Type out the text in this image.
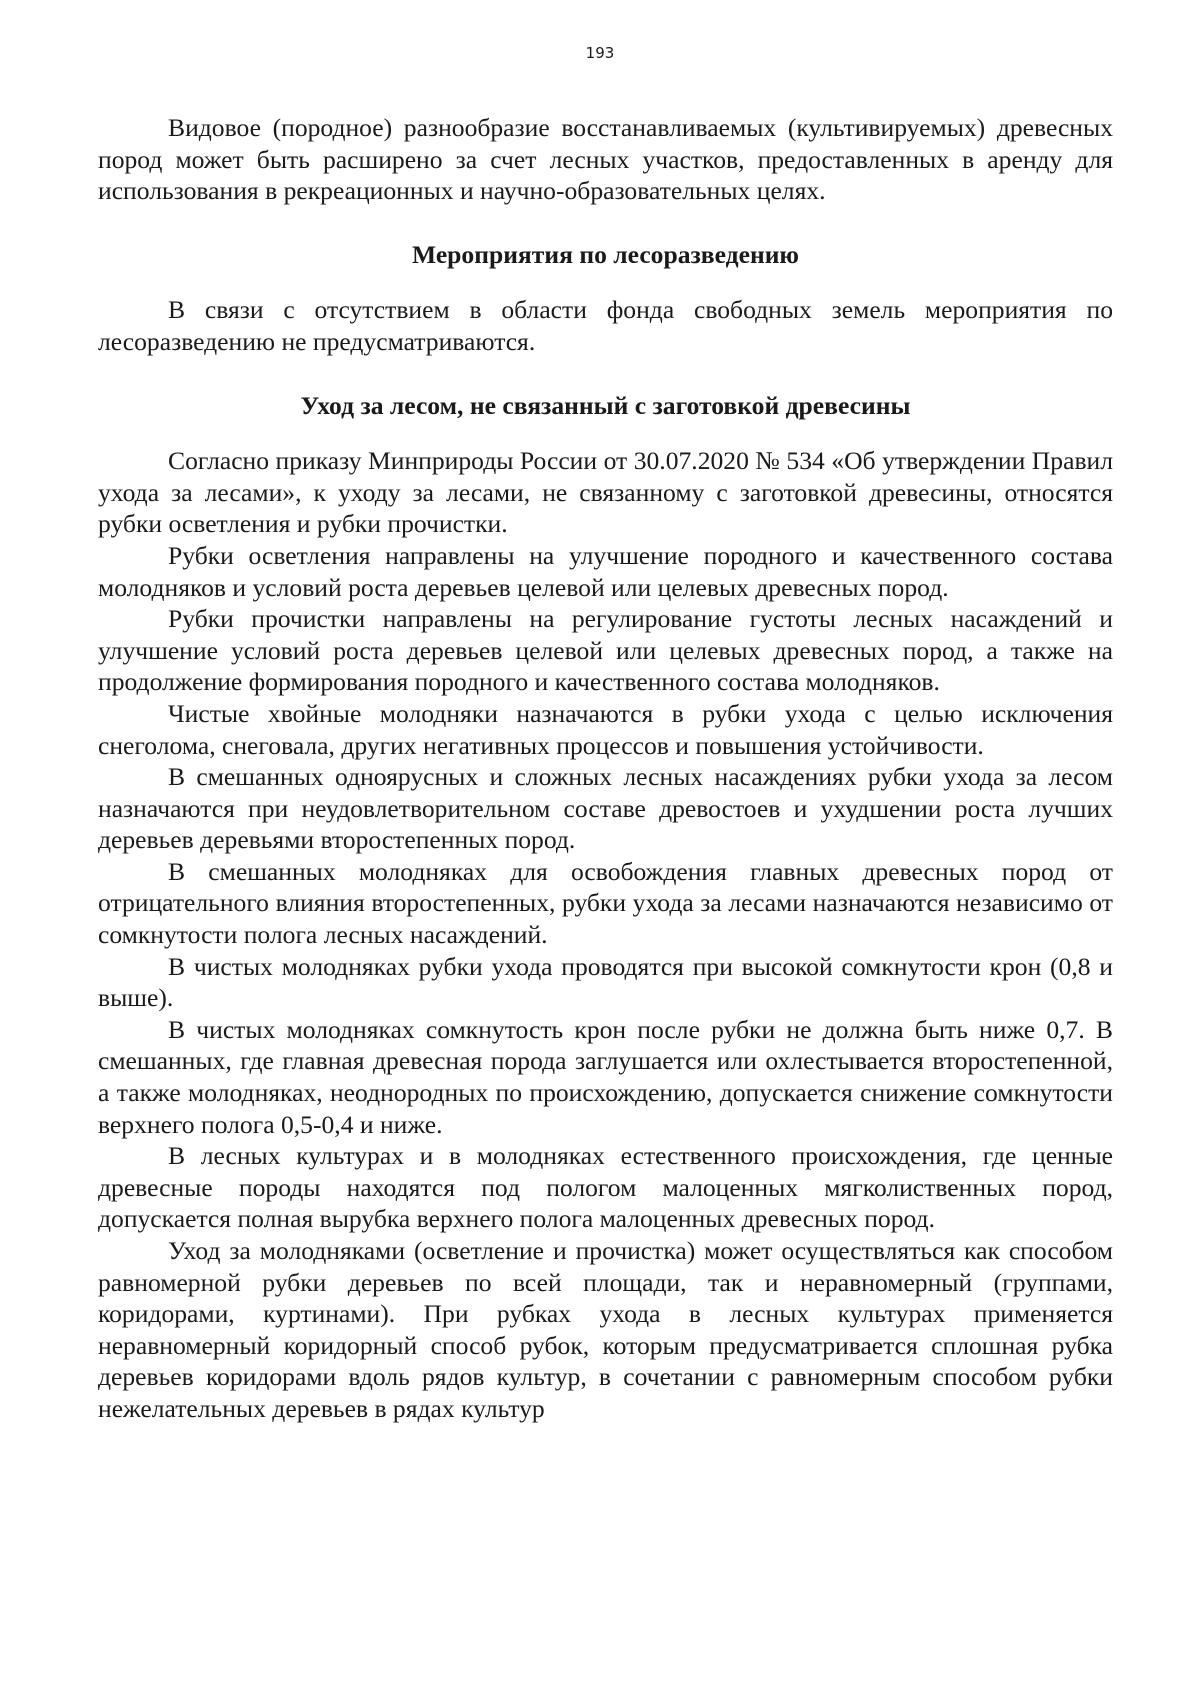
193

Видовое (породное) разнообразие восстанавливаемых (культивируемых) древесных пород может быть расширено за счет лесных участков, предоставленных в аренду для использования в рекреационных и научно-образовательных целях.

Мероприятия по лесоразведению

В связи с отсутствием в области фонда свободных земель мероприятия по лесоразведению не предусматриваются.

Уход за лесом, не связанный с заготовкой древесины

Согласно приказу Минприроды России от 30.07.2020 № 534 «Об утверждении Правил ухода за лесами», к уходу за лесами, не связанному с заготовкой древесины, относятся рубки осветления и рубки прочистки.

Рубки осветления направлены на улучшение породного и качественного состава молодняков и условий роста деревьев целевой или целевых древесных пород.

Рубки прочистки направлены на регулирование густоты лесных насаждений и улучшение условий роста деревьев целевой или целевых древесных пород, а также на продолжение формирования породного и качественного состава молодняков.

Чистые хвойные молодняки назначаются в рубки ухода с целью исключения снеголома, снеговала, других негативных процессов и повышения устойчивости.

В смешанных одноярусных и сложных лесных насаждениях рубки ухода за лесом назначаются при неудовлетворительном составе древостоев и ухудшении роста лучших деревьев деревьями второстепенных пород.

В смешанных молодняках для освобождения главных древесных пород от отрицательного влияния второстепенных, рубки ухода за лесами назначаются независимо от сомкнутости полога лесных насаждений.

В чистых молодняках рубки ухода проводятся при высокой сомкнутости крон (0,8 и выше).

В чистых молодняках сомкнутость крон после рубки не должна быть ниже 0,7. В смешанных, где главная древесная порода заглушается или охлестывается второстепенной, а также молодняках, неоднородных по происхождению, допускается снижение сомкнутости верхнего полога 0,5-0,4 и ниже.

В лесных культурах и в молодняках естественного происхождения, где ценные древесные породы находятся под пологом малоценных мягколиственных пород, допускается полная вырубка верхнего полога малоценных древесных пород.

Уход за молодняками (осветление и прочистка) может осуществляться как способом равномерной рубки деревьев по всей площади, так и неравномерный (группами, коридорами, куртинами). При рубках ухода в лесных культурах применяется неравномерный коридорный способ рубок, которым предусматривается сплошная рубка деревьев коридорами вдоль рядов культур, в сочетании с равномерным способом рубки нежелательных деревьев в рядах культур
